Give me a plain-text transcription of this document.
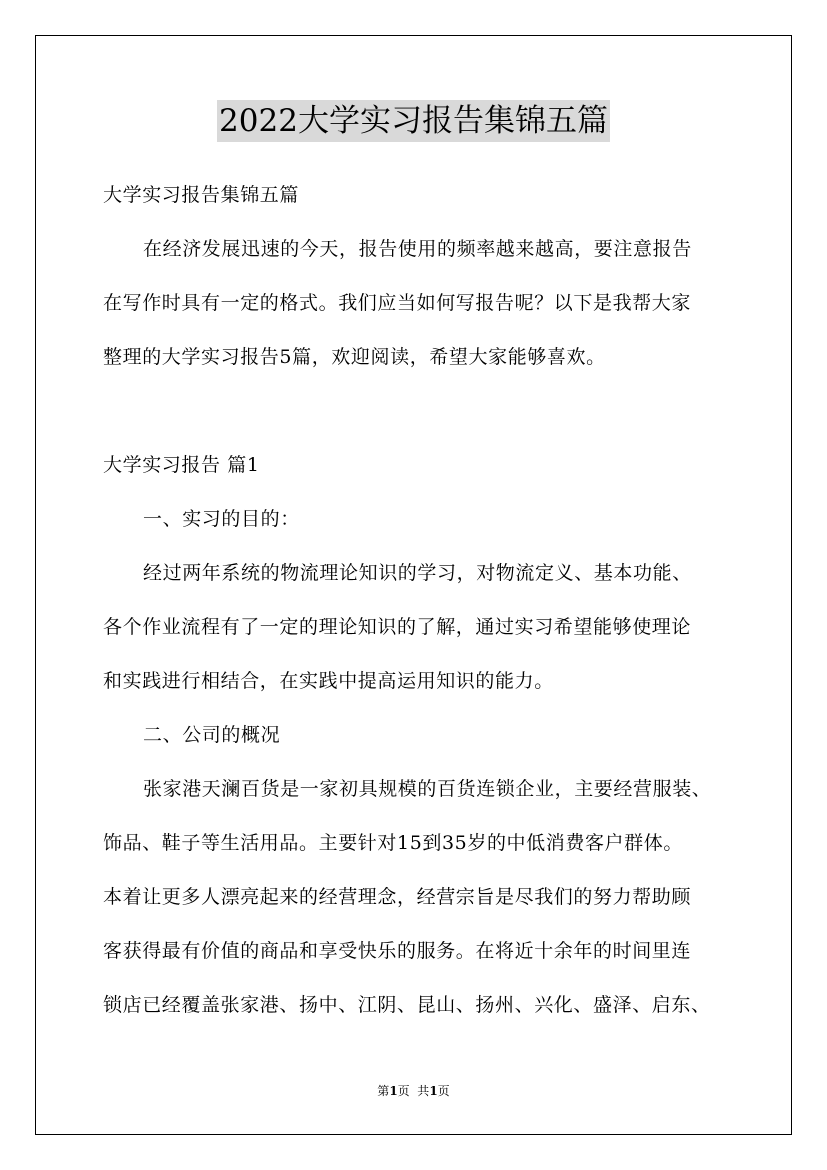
2022大学实习报告集锦五篇
大学实习报告集锦五篇
在经济发展迅速的今天，报告使用的频率越来越高，要注意报告
在写作时具有一定的格式。我们应当如何写报告呢？以下是我帮大家
整理的大学实习报告5篇，欢迎阅读，希望大家能够喜欢。
大学实习报告 篇1
一、实习的目的：
经过两年系统的物流理论知识的学习，对物流定义、基本功能、
各个作业流程有了一定的理论知识的了解，通过实习希望能够使理论
和实践进行相结合，在实践中提高运用知识的能力。
二、公司的概况
张家港天澜百货是一家初具规模的百货连锁企业，主要经营服装、
饰品、鞋子等生活用品。主要针对15到35岁的中低消费客户群体。
本着让更多人漂亮起来的经营理念，经营宗旨是尽我们的努力帮助顾
客获得最有价值的商品和享受快乐的服务。在将近十余年的时间里连
锁店已经覆盖张家港、扬中、江阴、昆山、扬州、兴化、盛泽、启东、
第1页  共1页
